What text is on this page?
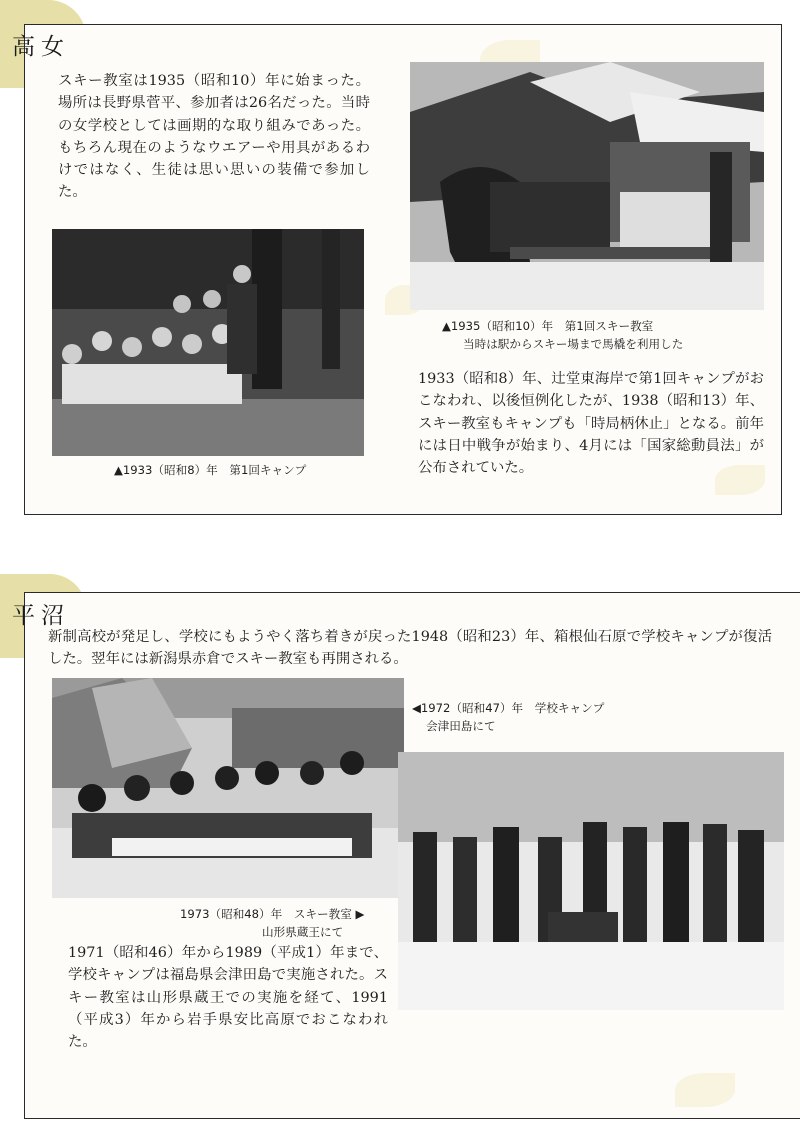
高女

スキー教室は1935（昭和10）年に始まった。場所は長野県菅平、参加者は26名だった。当時の女学校としては画期的な取り組みであった。もちろん現在のようなウエアーや用具があるわけではなく、生徒は思い思いの装備で参加した。

▲1935（昭和10）年　第1回スキー教室

当時は駅からスキー場まで馬橇を利用した

▲1933（昭和8）年　第1回キャンプ

1933（昭和8）年、辻堂東海岸で第1回キャンプがおこなわれ、以後恒例化したが、1938（昭和13）年、スキー教室もキャンプも「時局柄休止」となる。前年には日中戦争が始まり、4月には「国家総動員法」が公布されていた。

平沼

新制高校が発足し、学校にもようやく落ち着きが戻った1948（昭和23）年、箱根仙石原で学校キャンプが復活した。翌年には新潟県赤倉でスキー教室も再開される。

1973（昭和48）年　スキー教室 ▶

山形県蔵王にて

◀1972（昭和47）年　学校キャンプ

会津田島にて

1971（昭和46）年から1989（平成1）年まで、学校キャンプは福島県会津田島で実施された。スキー教室は山形県蔵王での実施を経て、1991（平成3）年から岩手県安比高原でおこなわれた。
